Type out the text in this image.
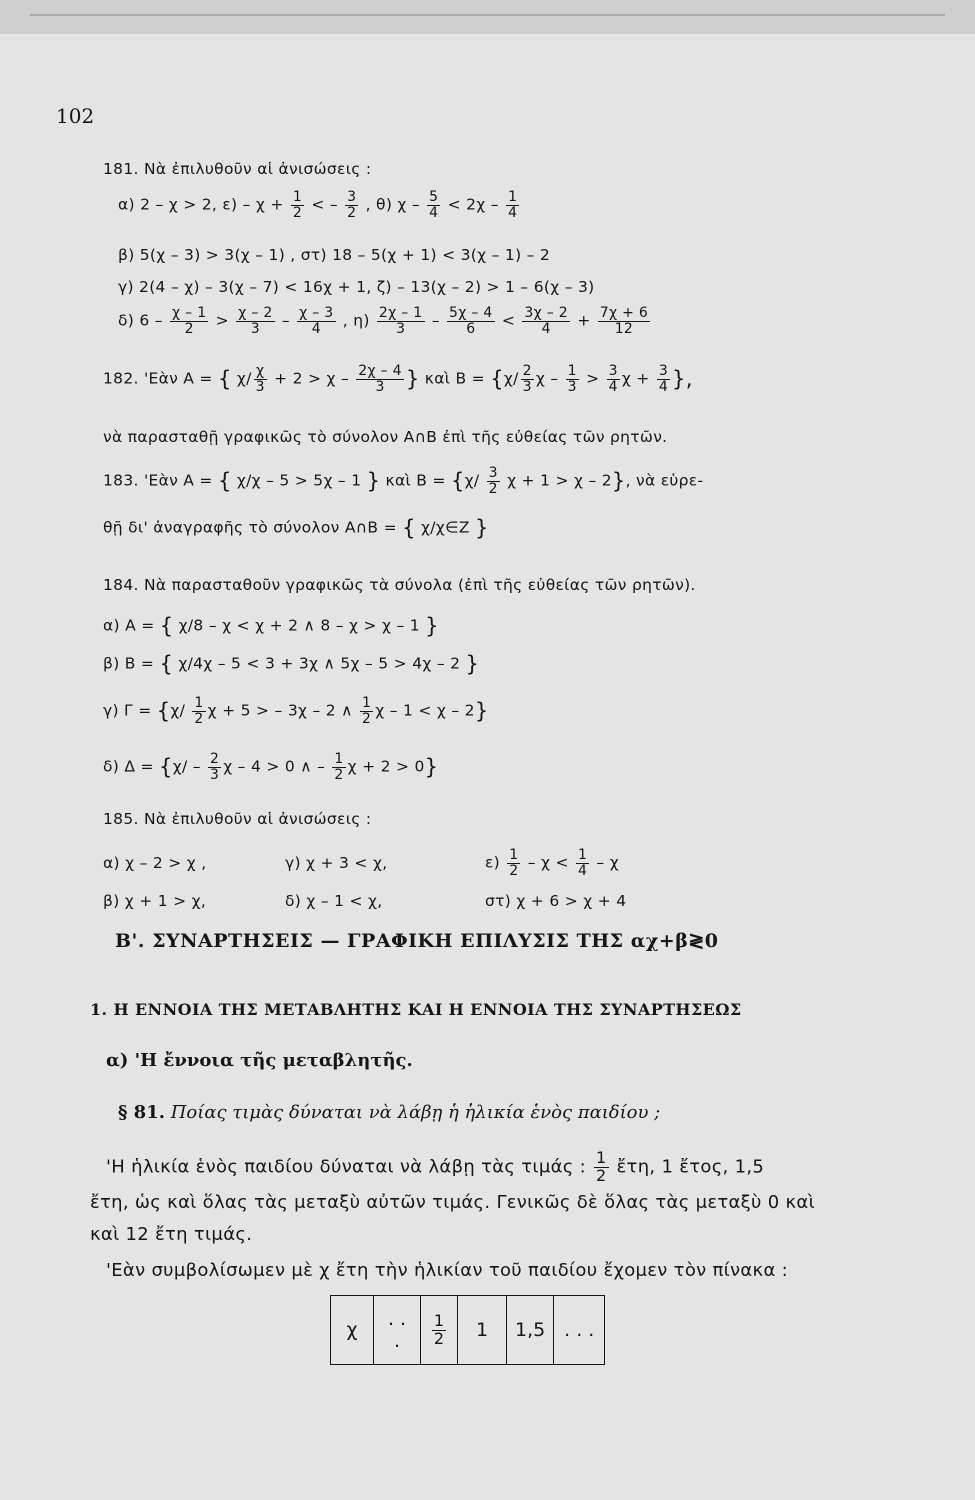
102
181. Νὰ ἐπιλυθοῦν αἱ ἀνισώσεις :
α) 2 – χ > 2, $\varepsilon) - \chi + \frac{1}{2}$ < – $\frac{3}{2}$ , θ) $\chi - \frac{5}{4} < 2\chi - \frac{1}{4}$
β) 5(χ – 3) > 3(χ – 1) , στ) 18 – 5(χ + 1) < 3(χ – 1) – 2
γ) 2(4 – χ) – 3(χ – 7) < 16χ + 1, ζ) – 13(χ – 2) > 1 – 6(χ – 3)
δ) $6 - \frac{\chi - 1}{2} > \frac{\chi - 2}{3} - \frac{\chi - 3}{4}$ , $\eta) \frac{2\chi - 1}{3} - \frac{5\chi - 4}{6} < \frac{3\chi - 2}{4} + \frac{7\chi + 6}{12}$
182. 'Εὰν A = { $\chi/ \frac{\chi}{3} + 2 > \chi - \frac{2\chi - 4}{3}$ } καὶ $B = \{\chi/ \frac{2}{3}$ $\chi - \frac{1}{3} > \frac{3}{4}$ $\chi + \frac{3}{4}$ },
νὰ παρασταθῇ γραφικῶς τὸ σύνολον A∩B ἐπὶ τῆς εὐθείας τῶν ρητῶν.
183. 'Εὰν A = { χ/χ – 5 > 5χ – 1 } καὶ $B = \{\chi/ \frac{3}{2}$ χ + 1 > χ – 2}, νὰ εὑρε-
θῇ δι' ἀναγραφῆς τὸ σύνολον A∩B = { χ/χ∈Z }
184. Νὰ παρασταθοῦν γραφικῶς τὰ σύνολα (ἐπὶ τῆς εὐθείας τῶν ρητῶν).
α) A = { χ/8 – χ < χ + 2 ∧ 8 – χ > χ – 1 }
β) B = { χ/4χ – 5 < 3 + 3χ ∧ 5χ – 5 > 4χ – 2 }
γ) $\Gamma = \{\chi/ \frac{1}{2}$ χ + 5 > – 3χ – 2 ∧ $\frac{1}{2}$ χ – 1 < χ – 2}
δ) $\Delta = \{\chi/ - \frac{2}{3}$ χ – 4 > 0 ∧ – $\frac{1}{2}$ χ + 2 > 0}
185. Νὰ ἐπιλυθοῦν αἱ ἀνισώσεις :
α) χ – 2 > χ ,	γ) χ + 3 < χ,	$\varepsilon) \frac{1}{2} - \chi < \frac{1}{4} - \chi$
β) χ + 1 > χ,	δ) χ – 1 < χ,	στ) χ + 6 > χ + 4
Β'. ΣΥΝΑΡΤΗΣΕΙΣ — ΓΡΑΦΙΚΗ ΕΠΙΛΥΣΙΣ ΤΗΣ αχ+β≷0
1. Η ΕΝΝΟΙΑ ΤΗΣ ΜΕΤΑΒΛΗΤΗΣ ΚΑΙ Η ΕΝΝΟΙΑ ΤΗΣ ΣΥΝΑΡΤΗΣΕΩΣ
α) 'Η ἔννοια τῆς μεταβλητῆς.
§ 81. Ποίας τιμὰς δύναται νὰ λάβῃ ἡ ἡλικία ἑνὸς παιδίου ;
'Η ἡλικία ἑνὸς παιδίου δύναται νὰ λάβῃ τὰς τιμάς : $\frac{1}{2}$ ἔτη, 1 ἔτος, 1,5
ἔτη, ὡς καὶ ὅλας τὰς μεταξὺ αὐτῶν τιμάς. Γενικῶς δὲ ὅλας τὰς μεταξὺ 0 καὶ
καὶ 12 ἔτη τιμάς.
'Εὰν συμβολίσωμεν μὲ χ ἔτη τὴν ἡλικίαν τοῦ παιδίου ἔχομεν τὸν πίνακα :
χ	. . .	$\frac{1}{2}$	1	1,5	. . .
